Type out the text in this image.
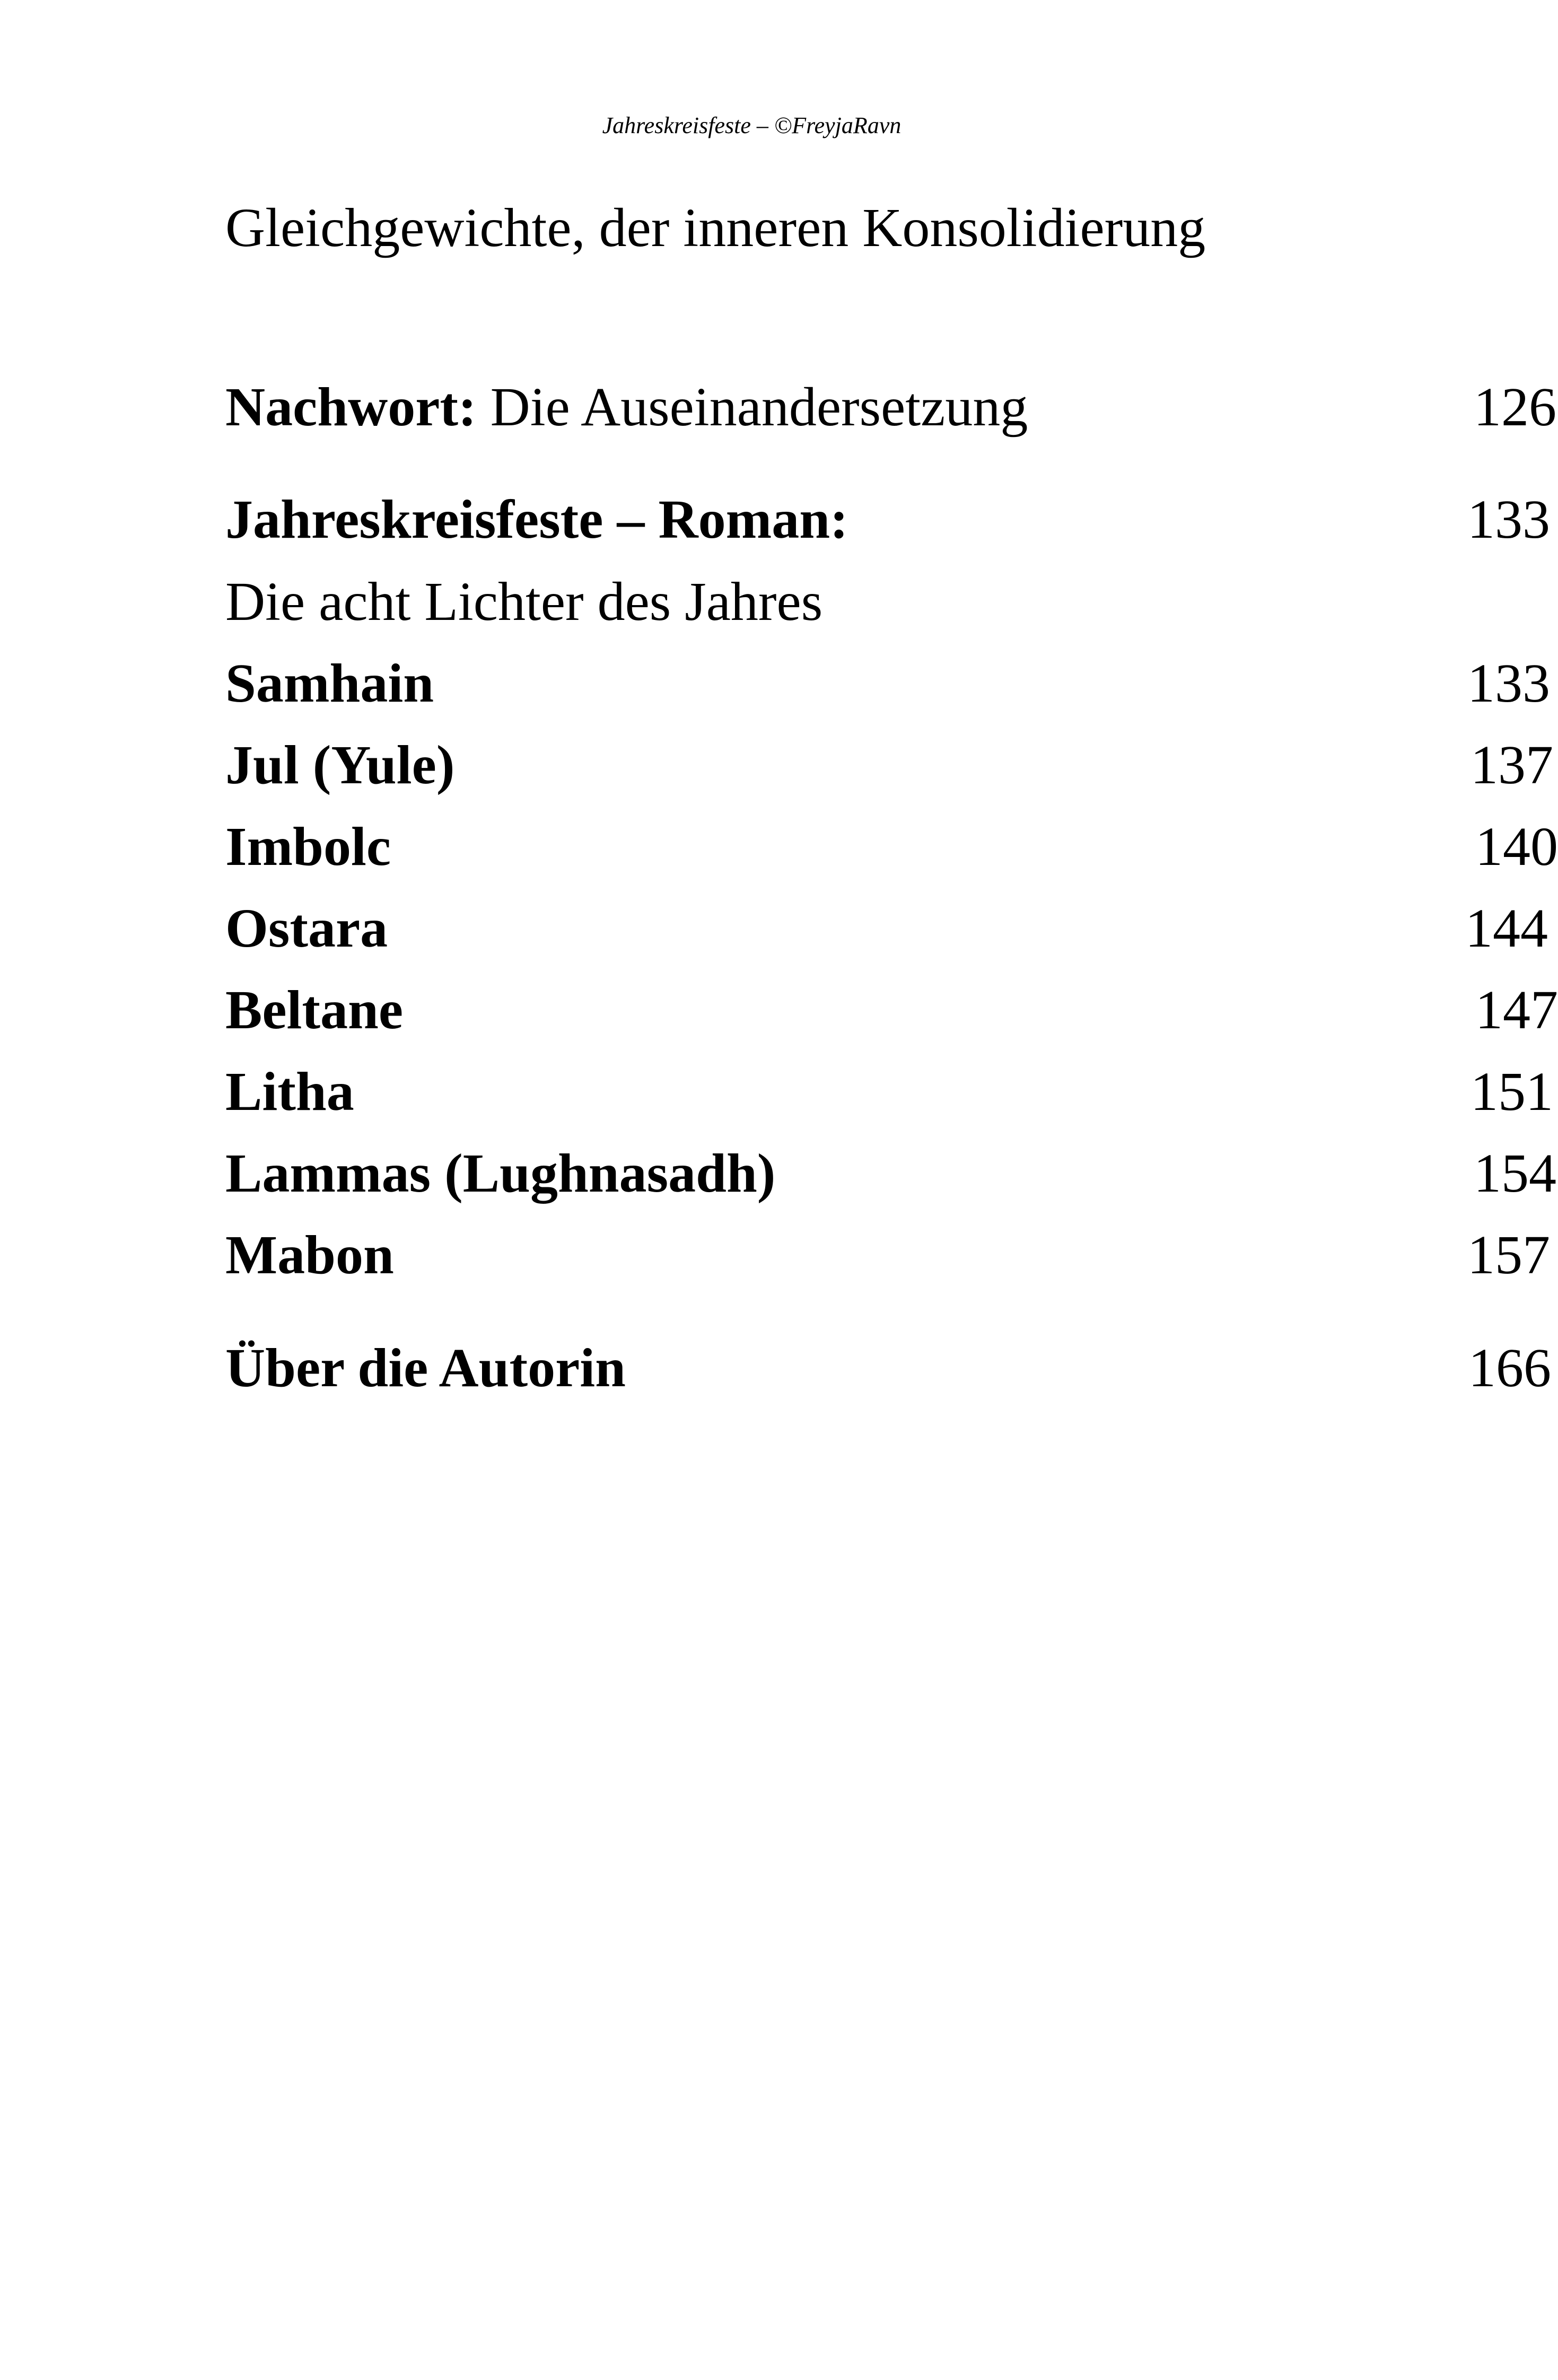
Jahreskreisfeste – ©FreyjaRavn
Gleichgewichte, der inneren Konsolidierung
Nachwort: Die Auseinandersetzung	126
Jahreskreisfeste – Roman:	133
Die acht Lichter des Jahres
Samhain	133
Jul (Yule)	137
Imbolc	140
Ostara	144
Beltane	147
Litha	151
Lammas (Lughnasadh)	154
Mabon	157
Über die Autorin	166
